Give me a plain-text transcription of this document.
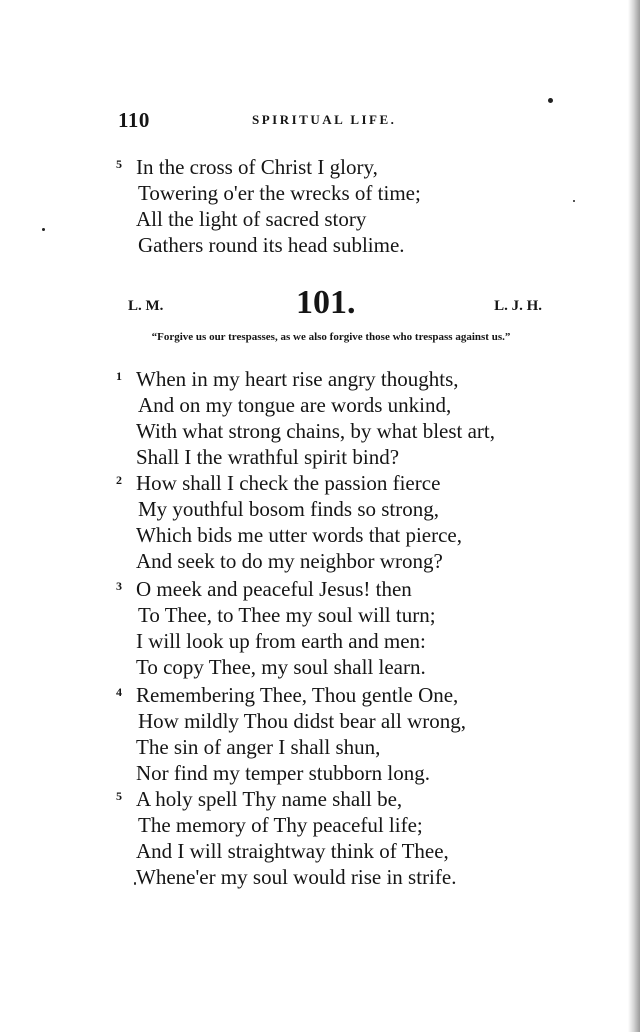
110	SPIRITUAL LIFE.
5 In the cross of Christ I glory,
Towering o'er the wrecks of time;
All the light of sacred story
Gathers round its head sublime.
L. M.	101.	L. J. H.
“Forgive us our trespasses, as we also forgive those who trespass against us.”
1 When in my heart rise angry thoughts,
And on my tongue are words unkind,
With what strong chains, by what blest art,
Shall I the wrathful spirit bind?
2 How shall I check the passion fierce
My youthful bosom finds so strong,
Which bids me utter words that pierce,
And seek to do my neighbor wrong?
3 O meek and peaceful Jesus! then
To Thee, to Thee my soul will turn;
I will look up from earth and men:
To copy Thee, my soul shall learn.
4 Remembering Thee, Thou gentle One,
How mildly Thou didst bear all wrong,
The sin of anger I shall shun,
Nor find my temper stubborn long.
5 A holy spell Thy name shall be,
The memory of Thy peaceful life;
And I will straightway think of Thee,
Whene'er my soul would rise in strife.
